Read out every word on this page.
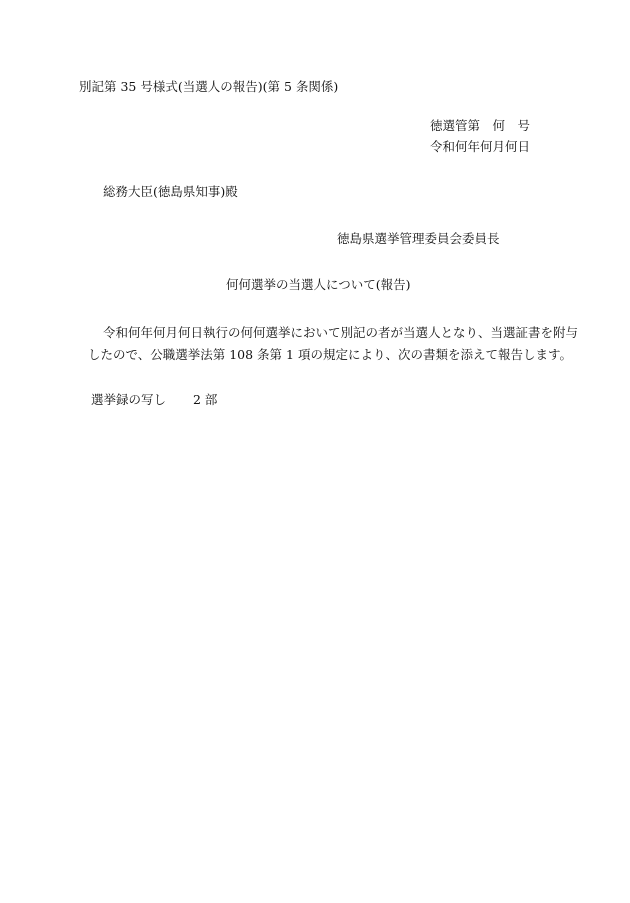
別記第 35 号様式(当選人の報告)(第 5 条関係)
徳選管第　何　号
令和何年何月何日
総務大臣(徳島県知事)殿
徳島県選挙管理委員会委員長
何何選挙の当選人について(報告)
令和何年何月何日執行の何何選挙において別記の者が当選人となり、当選証書を附与
したので、公職選挙法第 108 条第 1 項の規定により、次の書類を添えて報告します。
選挙録の写し 2 部
